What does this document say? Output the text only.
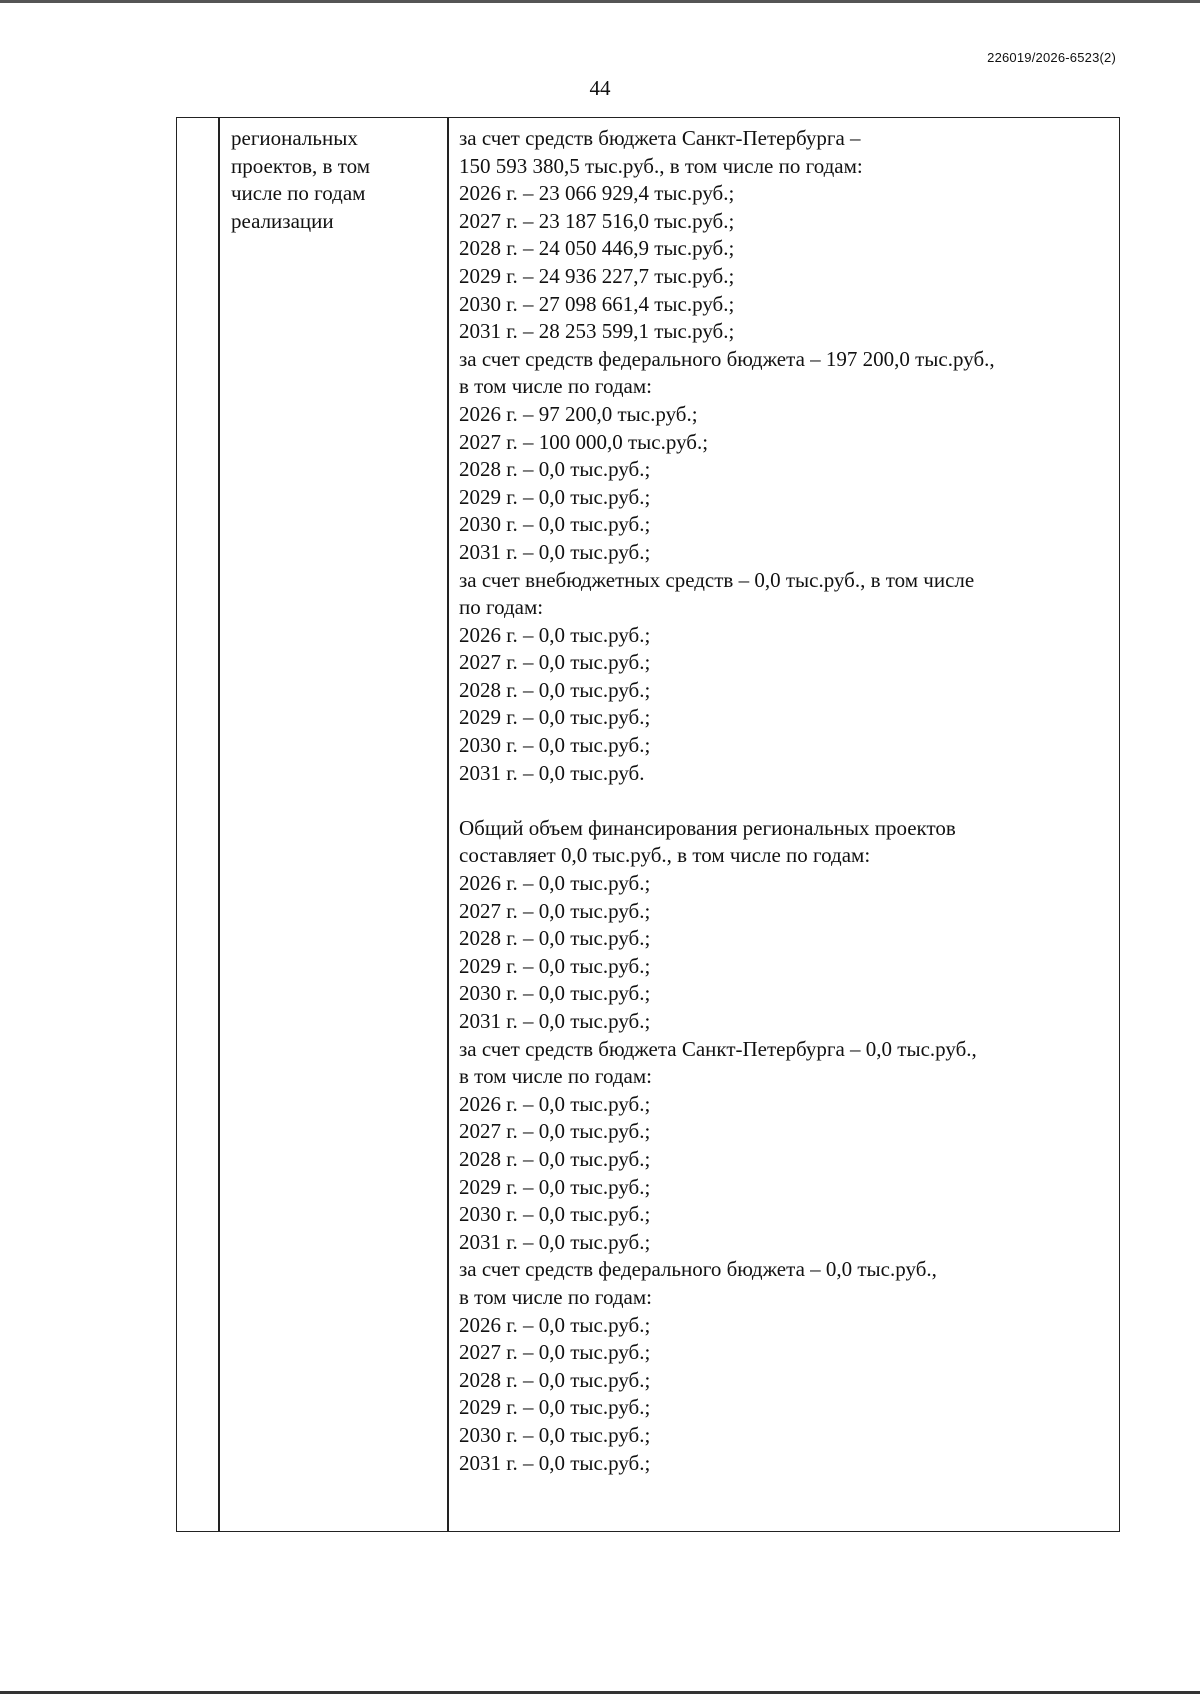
226019/2026-6523(2)
44
региональных
проектов, в том
числе по годам
реализации
за счет средств бюджета Санкт-Петербурга –
150 593 380,5 тыс.руб., в том числе по годам:
2026 г. – 23 066 929,4 тыс.руб.;
2027 г. – 23 187 516,0 тыс.руб.;
2028 г. – 24 050 446,9 тыс.руб.;
2029 г. – 24 936 227,7 тыс.руб.;
2030 г. – 27 098 661,4 тыс.руб.;
2031 г. – 28 253 599,1 тыс.руб.;
за счет средств федерального бюджета – 197 200,0 тыс.руб.,
в том числе по годам:
2026 г. – 97 200,0 тыс.руб.;
2027 г. – 100 000,0 тыс.руб.;
2028 г. – 0,0 тыс.руб.;
2029 г. – 0,0 тыс.руб.;
2030 г. – 0,0 тыс.руб.;
2031 г. – 0,0 тыс.руб.;
за счет внебюджетных средств – 0,0 тыс.руб., в том числе
по годам:
2026 г. – 0,0 тыс.руб.;
2027 г. – 0,0 тыс.руб.;
2028 г. – 0,0 тыс.руб.;
2029 г. – 0,0 тыс.руб.;
2030 г. – 0,0 тыс.руб.;
2031 г. – 0,0 тыс.руб.
Общий объем финансирования региональных проектов
составляет 0,0 тыс.руб., в том числе по годам:
2026 г. – 0,0 тыс.руб.;
2027 г. – 0,0 тыс.руб.;
2028 г. – 0,0 тыс.руб.;
2029 г. – 0,0 тыс.руб.;
2030 г. – 0,0 тыс.руб.;
2031 г. – 0,0 тыс.руб.;
за счет средств бюджета Санкт-Петербурга – 0,0 тыс.руб.,
в том числе по годам:
2026 г. – 0,0 тыс.руб.;
2027 г. – 0,0 тыс.руб.;
2028 г. – 0,0 тыс.руб.;
2029 г. – 0,0 тыс.руб.;
2030 г. – 0,0 тыс.руб.;
2031 г. – 0,0 тыс.руб.;
за счет средств федерального бюджета – 0,0 тыс.руб.,
в том числе по годам:
2026 г. – 0,0 тыс.руб.;
2027 г. – 0,0 тыс.руб.;
2028 г. – 0,0 тыс.руб.;
2029 г. – 0,0 тыс.руб.;
2030 г. – 0,0 тыс.руб.;
2031 г. – 0,0 тыс.руб.;
